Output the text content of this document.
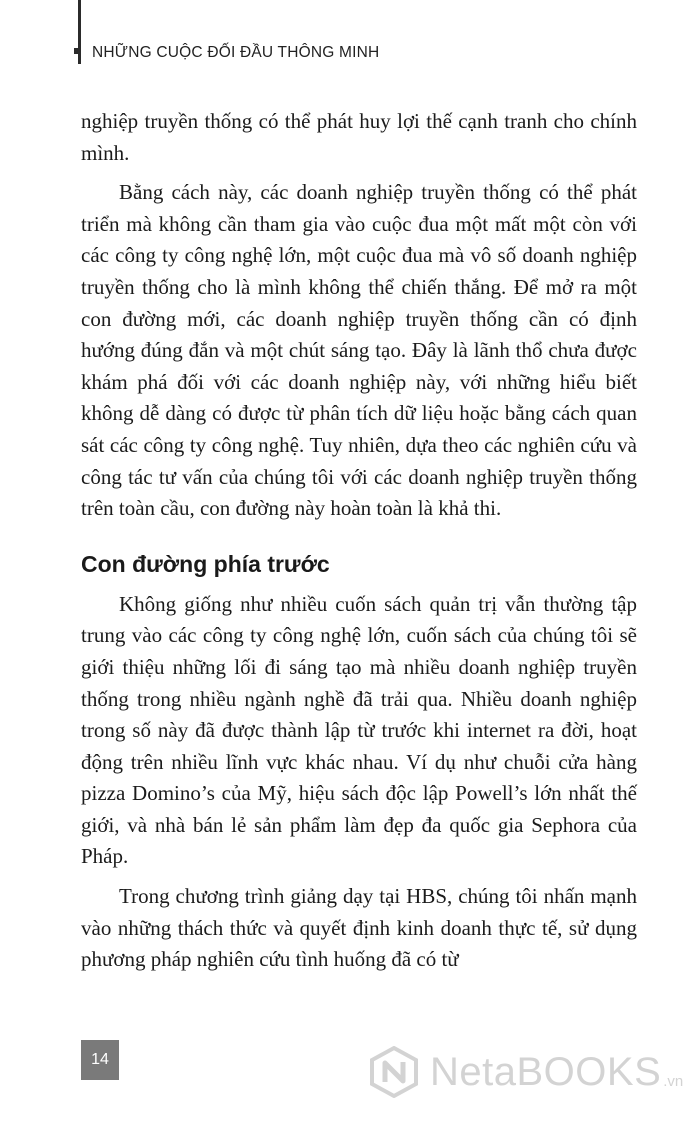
NHỮNG CUỘC ĐỐI ĐẦU THÔNG MINH

nghiệp truyền thống có thể phát huy lợi thế cạnh tranh cho chính mình.

Bằng cách này, các doanh nghiệp truyền thống có thể phát triển mà không cần tham gia vào cuộc đua một mất một còn với các công ty công nghệ lớn, một cuộc đua mà vô số doanh nghiệp truyền thống cho là mình không thể chiến thắng. Để mở ra một con đường mới, các doanh nghiệp truyền thống cần có định hướng đúng đắn và một chút sáng tạo. Đây là lãnh thổ chưa được khám phá đối với các doanh nghiệp này, với những hiểu biết không dễ dàng có được từ phân tích dữ liệu hoặc bằng cách quan sát các công ty công nghệ. Tuy nhiên, dựa theo các nghiên cứu và công tác tư vấn của chúng tôi với các doanh nghiệp truyền thống trên toàn cầu, con đường này hoàn toàn là khả thi.

Con đường phía trước

Không giống như nhiều cuốn sách quản trị vẫn thường tập trung vào các công ty công nghệ lớn, cuốn sách của chúng tôi sẽ giới thiệu những lối đi sáng tạo mà nhiều doanh nghiệp truyền thống trong nhiều ngành nghề đã trải qua. Nhiều doanh nghiệp trong số này đã được thành lập từ trước khi internet ra đời, hoạt động trên nhiều lĩnh vực khác nhau. Ví dụ như chuỗi cửa hàng pizza Domino’s của Mỹ, hiệu sách độc lập Powell’s lớn nhất thế giới, và nhà bán lẻ sản phẩm làm đẹp đa quốc gia Sephora của Pháp.

Trong chương trình giảng dạy tại HBS, chúng tôi nhấn mạnh vào những thách thức và quyết định kinh doanh thực tế, sử dụng phương pháp nghiên cứu tình huống đã có từ

14	NetaBOOKS .vn
